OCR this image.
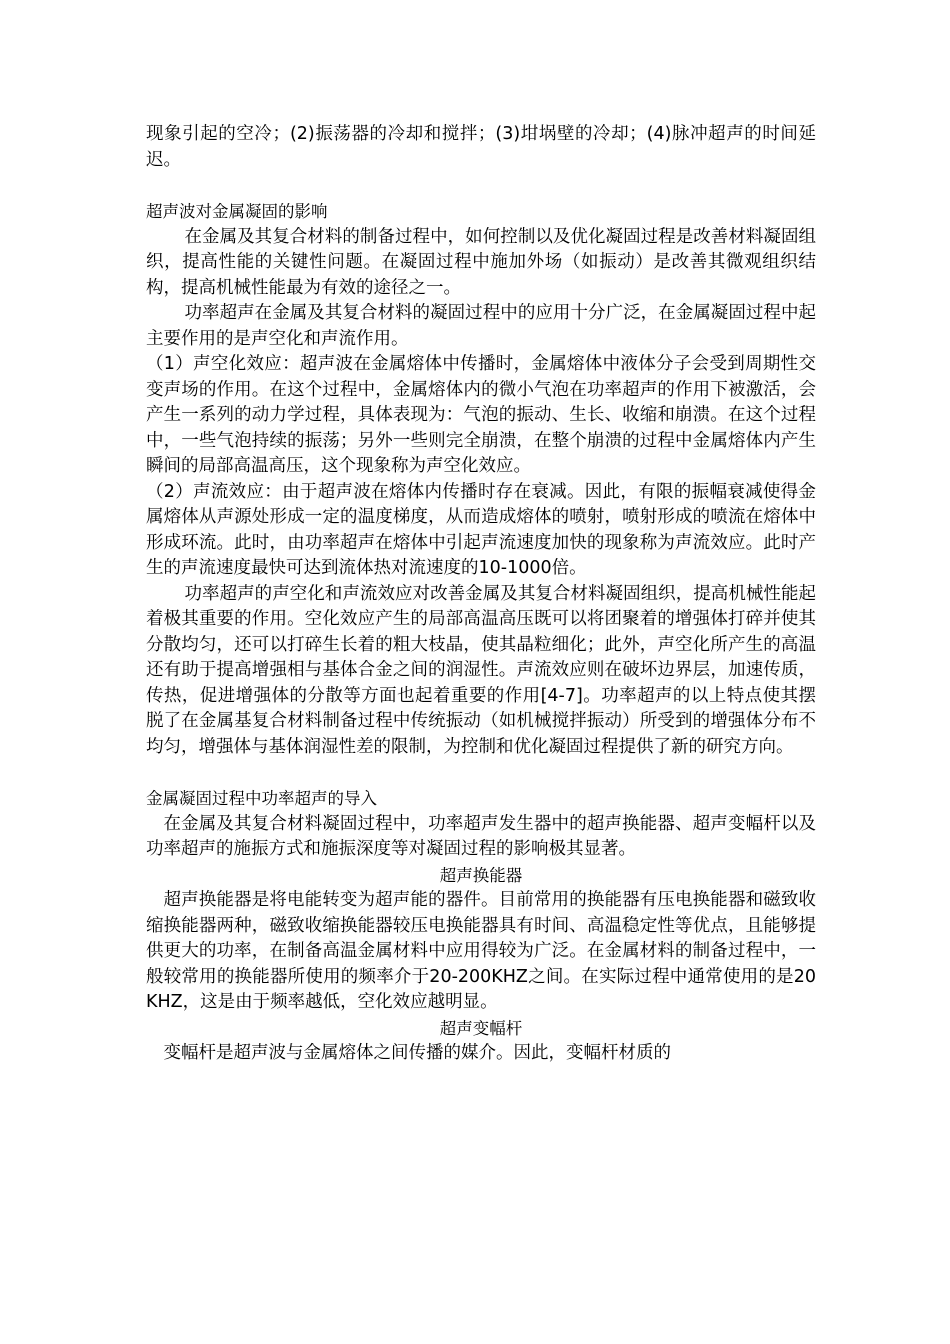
现象引起的空冷；(2)振荡器的冷却和搅拌；(3)坩埚壁的冷却；(4)脉冲超声的时间延迟。

超声波对金属凝固的影响

在金属及其复合材料的制备过程中，如何控制以及优化凝固过程是改善材料凝固组织，提高性能的关键性问题。在凝固过程中施加外场（如振动）是改善其微观组织结构，提高机械性能最为有效的途径之一。

功率超声在金属及其复合材料的凝固过程中的应用十分广泛，在金属凝固过程中起主要作用的是声空化和声流作用。

（1）声空化效应：超声波在金属熔体中传播时，金属熔体中液体分子会受到周期性交变声场的作用。在这个过程中，金属熔体内的微小气泡在功率超声的作用下被激活，会产生一系列的动力学过程，具体表现为：气泡的振动、生长、收缩和崩溃。在这个过程中，一些气泡持续的振荡；另外一些则完全崩溃，在整个崩溃的过程中金属熔体内产生瞬间的局部高温高压，这个现象称为声空化效应。

（2）声流效应：由于超声波在熔体内传播时存在衰减。因此，有限的振幅衰减使得金属熔体从声源处形成一定的温度梯度，从而造成熔体的喷射，喷射形成的喷流在熔体中形成环流。此时，由功率超声在熔体中引起声流速度加快的现象称为声流效应。此时产生的声流速度最快可达到流体热对流速度的10-1000倍。

功率超声的声空化和声流效应对改善金属及其复合材料凝固组织，提高机械性能起着极其重要的作用。空化效应产生的局部高温高压既可以将团聚着的增强体打碎并使其分散均匀，还可以打碎生长着的粗大枝晶，使其晶粒细化；此外，声空化所产生的高温还有助于提高增强相与基体合金之间的润湿性。声流效应则在破坏边界层，加速传质，传热，促进增强体的分散等方面也起着重要的作用[4-7]。功率超声的以上特点使其摆脱了在金属基复合材料制备过程中传统振动（如机械搅拌振动）所受到的增强体分布不均匀，增强体与基体润湿性差的限制，为控制和优化凝固过程提供了新的研究方向。

金属凝固过程中功率超声的导入

在金属及其复合材料凝固过程中，功率超声发生器中的超声换能器、超声变幅杆以及功率超声的施振方式和施振深度等对凝固过程的影响极其显著。

超声换能器

超声换能器是将电能转变为超声能的器件。目前常用的换能器有压电换能器和磁致收缩换能器两种，磁致收缩换能器较压电换能器具有时间、高温稳定性等优点，且能够提供更大的功率，在制备高温金属材料中应用得较为广泛。在金属材料的制备过程中，一般较常用的换能器所使用的频率介于20-200KHZ之间。在实际过程中通常使用的是20KHZ，这是由于频率越低，空化效应越明显。

超声变幅杆

变幅杆是超声波与金属熔体之间传播的媒介。因此，变幅杆材质的
